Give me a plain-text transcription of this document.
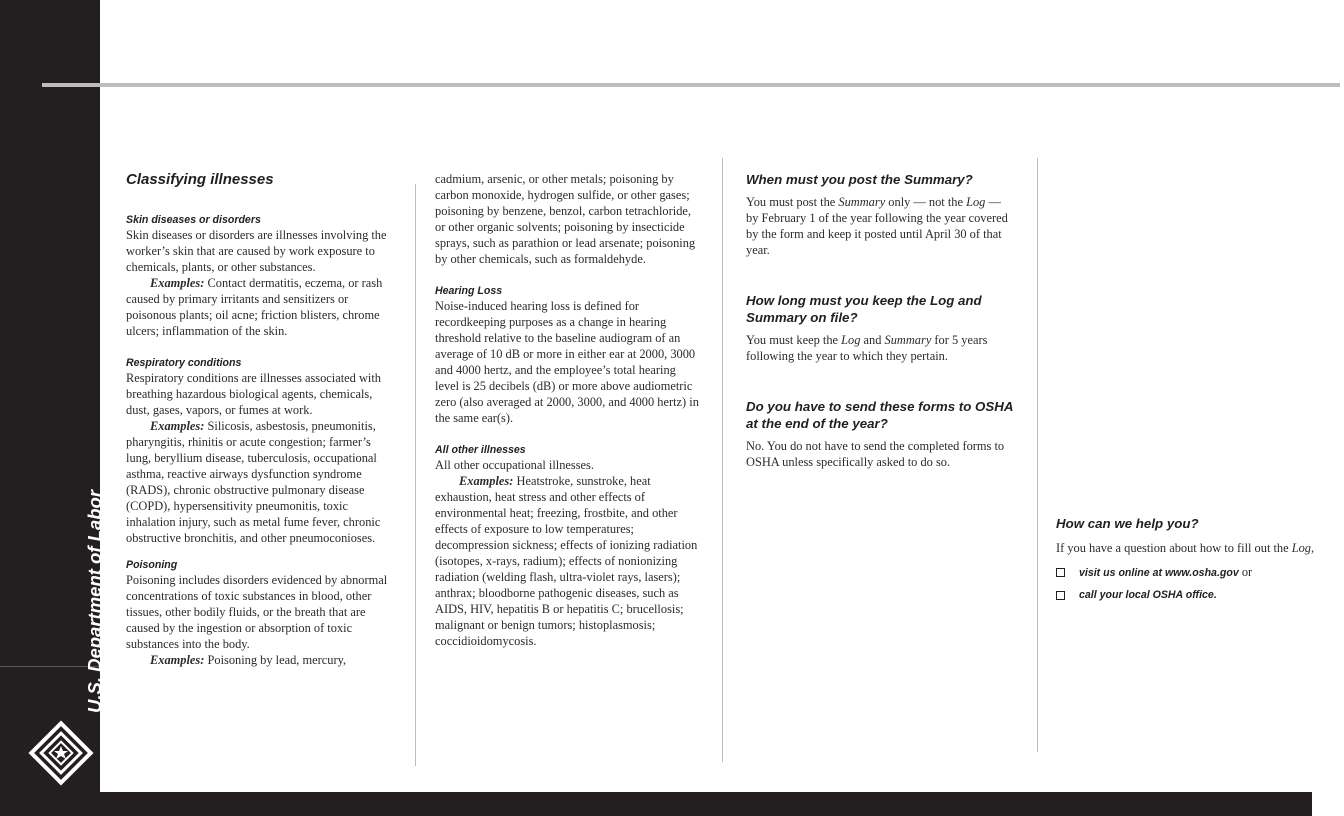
U.S. Department of Labor Occupational Safety and Health Administration
Classifying illnesses
Skin diseases or disorders

Skin diseases or disorders are illnesses involving the worker’s skin that are caused by work exposure to chemicals, plants, or other substances.

Examples: Contact dermatitis, eczema, or rash caused by primary irritants and sensitizers or poisonous plants; oil acne; friction blisters, chrome ulcers; inflammation of the skin.

Respiratory conditions

Respiratory conditions are illnesses associated with breathing hazardous biological agents, chemicals, dust, gases, vapors, or fumes at work.

Examples: Silicosis, asbestosis, pneumonitis, pharyngitis, rhinitis or acute congestion; farmer’s lung, beryllium disease, tuberculosis, occupational asthma, reactive airways dysfunction syndrome (RADS), chronic obstructive pulmonary disease (COPD), hypersensitivity pneumonitis, toxic inhalation injury, such as metal fume fever, chronic obstructive bronchitis, and other pneumoconioses.

Poisoning

Poisoning includes disorders evidenced by abnormal concentrations of toxic substances in blood, other tissues, other bodily fluids, or the breath that are caused by the ingestion or absorption of toxic substances into the body.

Examples: Poisoning by lead, mercury,

cadmium, arsenic, or other metals; poisoning by carbon monoxide, hydrogen sulfide, or other gases; poisoning by benzene, benzol, carbon tetrachloride, or other organic solvents; poisoning by insecticide sprays, such as parathion or lead arsenate; poisoning by other chemicals, such as formaldehyde.

Hearing Loss

Noise-induced hearing loss is defined for recordkeeping purposes as a change in hearing threshold relative to the baseline audiogram of an average of 10 dB or more in either ear at 2000, 3000 and 4000 hertz, and the employee’s total hearing level is 25 decibels (dB) or more above audiometric zero (also averaged at 2000, 3000, and 4000 hertz) in the same ear(s).

All other illnesses

All other occupational illnesses.

Examples: Heatstroke, sunstroke, heat exhaustion, heat stress and other effects of environmental heat; freezing, frostbite, and other effects of exposure to low temperatures; decompression sickness; effects of ionizing radiation (isotopes, x-rays, radium); effects of nonionizing radiation (welding flash, ultra-violet rays, lasers); anthrax; bloodborne pathogenic diseases, such as AIDS, HIV, hepatitis B or hepatitis C; brucellosis; malignant or benign tumors; histoplasmosis; coccidioidomycosis.

When must you post the Summary?

You must post the Summary only — not the Log — by February 1 of the year following the year covered by the form and keep it posted until April 30 of that year.

How long must you keep the Log and Summary on file?

You must keep the Log and Summary for 5 years following the year to which they pertain.

Do you have to send these forms to OSHA at the end of the year?

No. You do not have to send the completed forms to OSHA unless specifically asked to do so.

How can we help you?

If you have a question about how to fill out the Log,

visit us online at www.osha.gov or
call your local OSHA office.
